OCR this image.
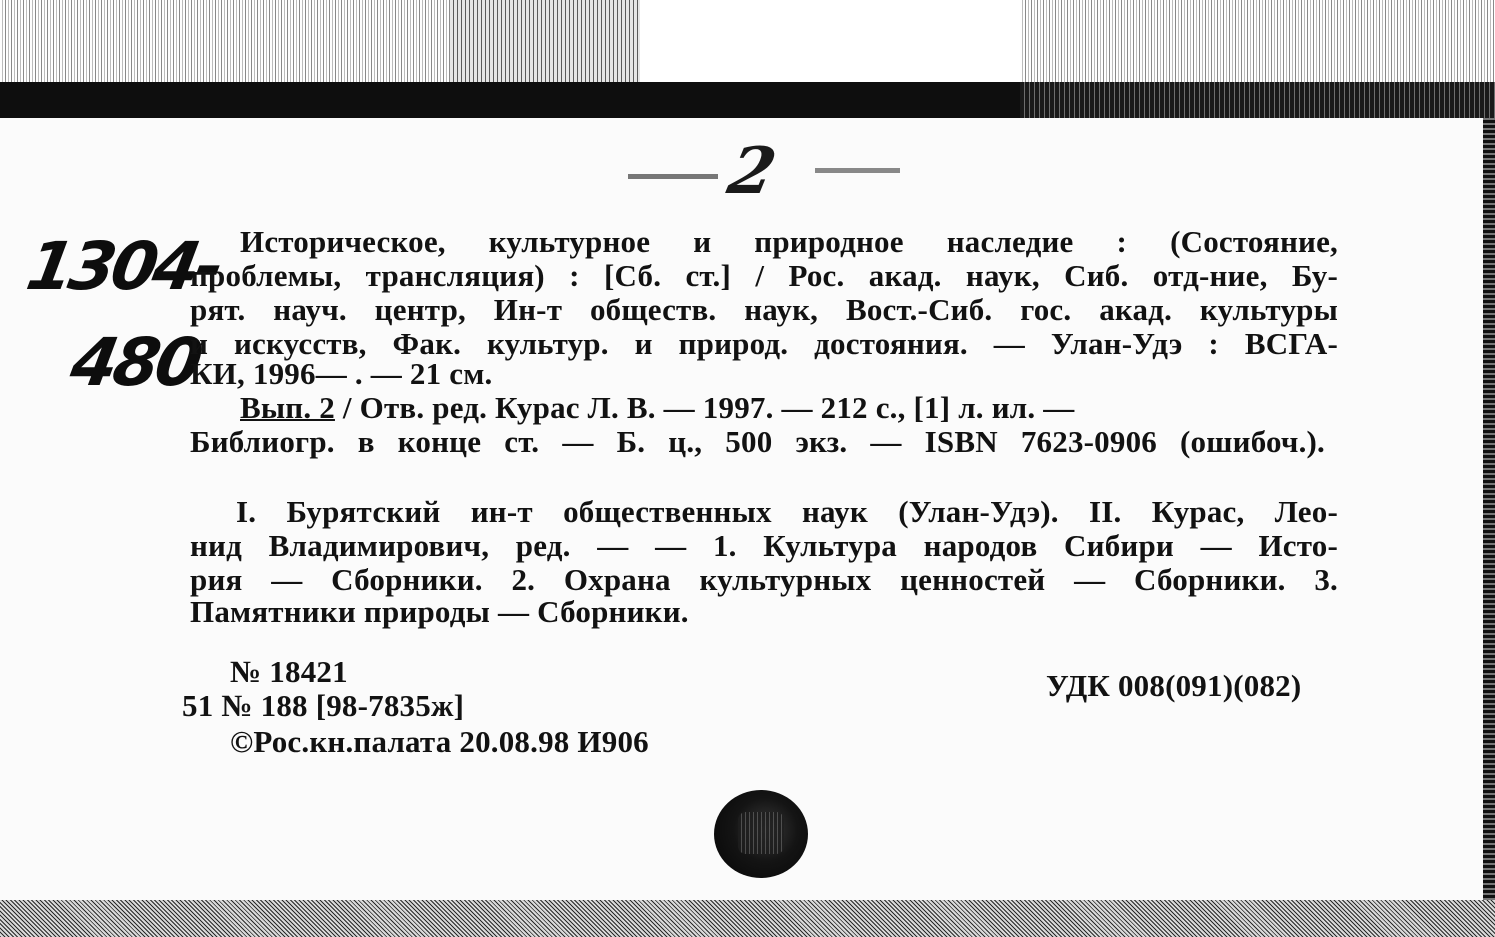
2
1304-
480
Историческое, культурное и природное наследие : (Состояние,
проблемы, трансляция) : [Сб. ст.] / Рос. акад. наук, Сиб. отд-ние, Бу-
рят. науч. центр, Ин-т обществ. наук, Вост.-Сиб. гос. акад. культуры
и искусств, Фак. культур. и природ. достояния. — Улан-Удэ : ВСГА-
КИ, 1996— . — 21 см.
Вып. 2 / Отв. ред. Курас Л. В. — 1997. — 212 с., [1] л. ил. —
Библиогр. в конце ст. — Б. ц., 500 экз. — ISBN 7623-0906 (ошибоч.).
I. Бурятский ин-т общественных наук (Улан-Удэ). II. Курас, Лео-
нид Владимирович, ред. — — 1. Культура народов Сибири — Исто-
рия — Сборники. 2. Охрана культурных ценностей — Сборники. 3.
Памятники природы — Сборники.
№ 18421
51 № 188 [98-7835ж]
©Рос.кн.палата 20.08.98 И906
УДК 008(091)(082)
